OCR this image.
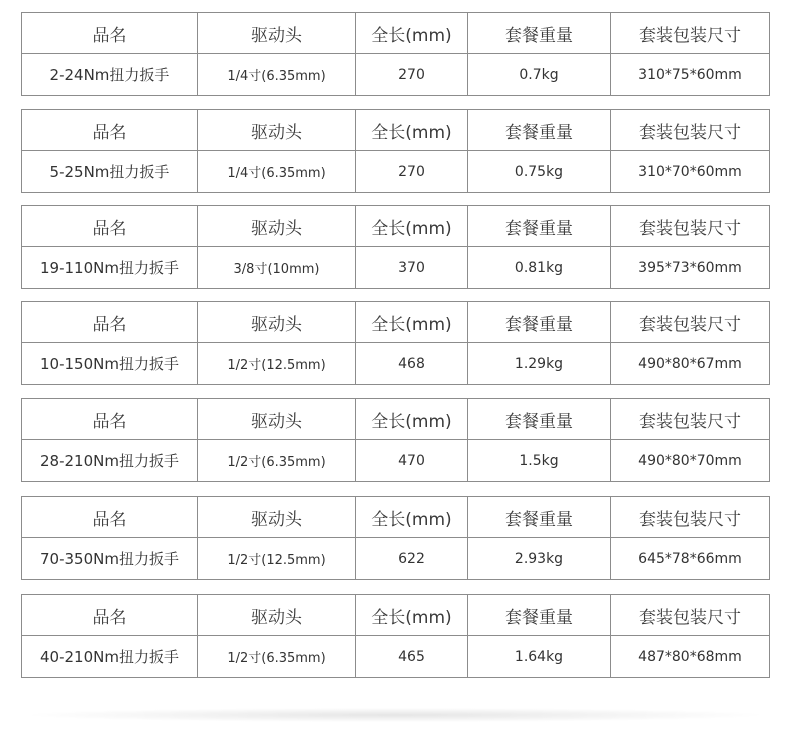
品名	驱动头	全长(mm)	套餐重量	套装包装尺寸
2-24Nm扭力扳手	1/4寸(6.35mm)	270	0.7kg	310*75*60mm
品名	驱动头	全长(mm)	套餐重量	套装包装尺寸
5-25Nm扭力扳手	1/4寸(6.35mm)	270	0.75kg	310*70*60mm
品名	驱动头	全长(mm)	套餐重量	套装包装尺寸
19-110Nm扭力扳手	3/8寸(10mm)	370	0.81kg	395*73*60mm
品名	驱动头	全长(mm)	套餐重量	套装包装尺寸
10-150Nm扭力扳手	1/2寸(12.5mm)	468	1.29kg	490*80*67mm
品名	驱动头	全长(mm)	套餐重量	套装包装尺寸
28-210Nm扭力扳手	1/2寸(6.35mm)	470	1.5kg	490*80*70mm
品名	驱动头	全长(mm)	套餐重量	套装包装尺寸
70-350Nm扭力扳手	1/2寸(12.5mm)	622	2.93kg	645*78*66mm
品名	驱动头	全长(mm)	套餐重量	套装包装尺寸
40-210Nm扭力扳手	1/2寸(6.35mm)	465	1.64kg	487*80*68mm
